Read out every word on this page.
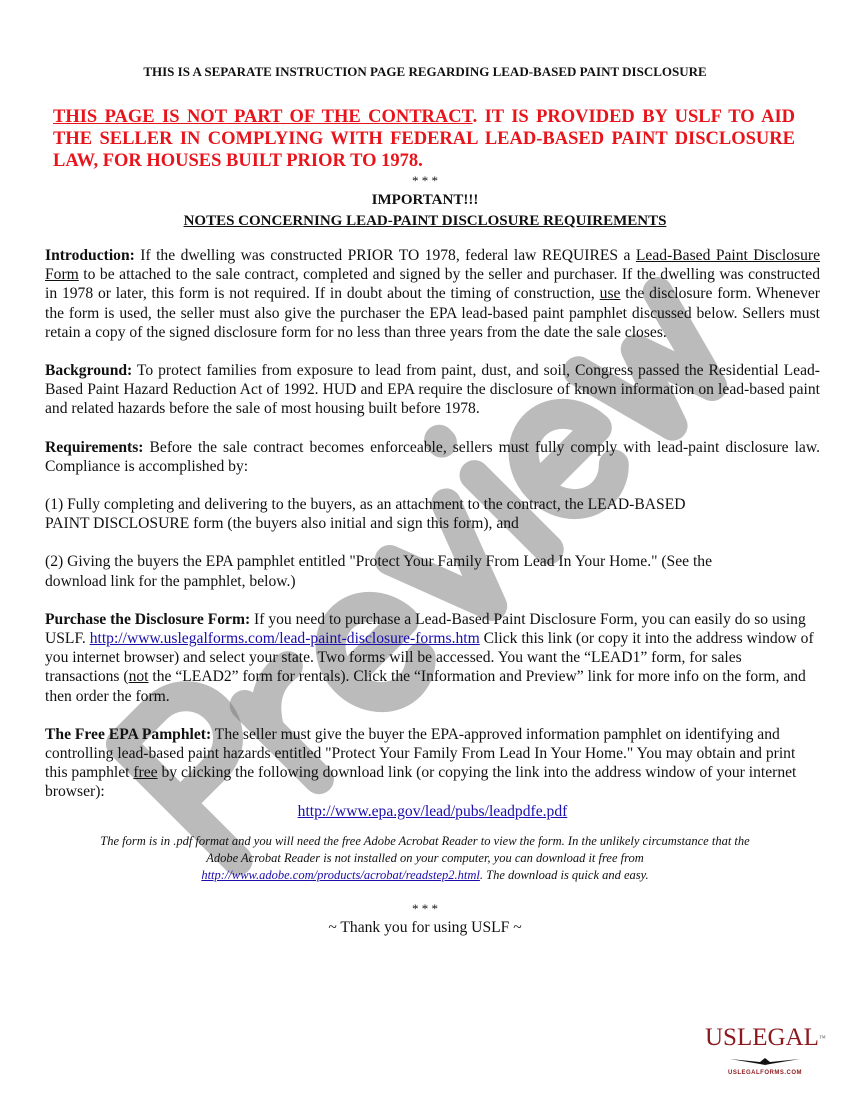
THIS IS A SEPARATE INSTRUCTION PAGE REGARDING LEAD-BASED PAINT DISCLOSURE
THIS PAGE IS NOT PART OF THE CONTRACT. IT IS PROVIDED BY USLF TO AID THE SELLER IN COMPLYING WITH FEDERAL LEAD-BASED PAINT DISCLOSURE LAW, FOR HOUSES BUILT PRIOR TO 1978.
* * *
IMPORTANT!!!
NOTES CONCERNING LEAD-PAINT DISCLOSURE REQUIREMENTS

Introduction: If the dwelling was constructed PRIOR TO 1978, federal law REQUIRES a Lead-Based Paint Disclosure Form to be attached to the sale contract, completed and signed by the seller and purchaser. If the dwelling was constructed in 1978 or later, this form is not required. If in doubt about the timing of construction, use the disclosure form. Whenever the form is used, the seller must also give the purchaser the EPA lead-based paint pamphlet discussed below. Sellers must retain a copy of the signed disclosure form for no less than three years from the date the sale closes.

Background: To protect families from exposure to lead from paint, dust, and soil, Congress passed the Residential Lead-Based Paint Hazard Reduction Act of 1992. HUD and EPA require the disclosure of known information on lead-based paint and related hazards before the sale of most housing built before 1978.

Requirements: Before the sale contract becomes enforceable, sellers must fully comply with lead-paint disclosure law. Compliance is accomplished by:

(1) Fully completing and delivering to the buyers, as an attachment to the contract, the LEAD-BASED PAINT DISCLOSURE form (the buyers also initial and sign this form), and

(2) Giving the buyers the EPA pamphlet entitled "Protect Your Family From Lead In Your Home." (See the download link for the pamphlet, below.)

Purchase the Disclosure Form: If you need to purchase a Lead-Based Paint Disclosure Form, you can easily do so using USLF. http://www.uslegalforms.com/lead-paint-disclosure-forms.htm Click this link (or copy it into the address window of you internet browser) and select your state. Two forms will be accessed. You want the “LEAD1” form, for sales transactions (not the “LEAD2” form for rentals). Click the “Information and Preview” link for more info on the form, and then order the form.

The Free EPA Pamphlet: The seller must give the buyer the EPA-approved information pamphlet on identifying and controlling lead-based paint hazards entitled "Protect Your Family From Lead In Your Home." You may obtain and print this pamphlet free by clicking the following download link (or copying the link into the address window of your internet browser):

http://www.epa.gov/lead/pubs/leadpdfe.pdf
The form is in .pdf format and you will need the free Adobe Acrobat Reader to view the form. In the unlikely circumstance that the Adobe Acrobat Reader is not installed on your computer, you can download it free from http://www.adobe.com/products/acrobat/readstep2.html. The download is quick and easy.
* * *
~ Thank you for using USLF ~
USLEGAL™
USLEGALFORMS.COM
